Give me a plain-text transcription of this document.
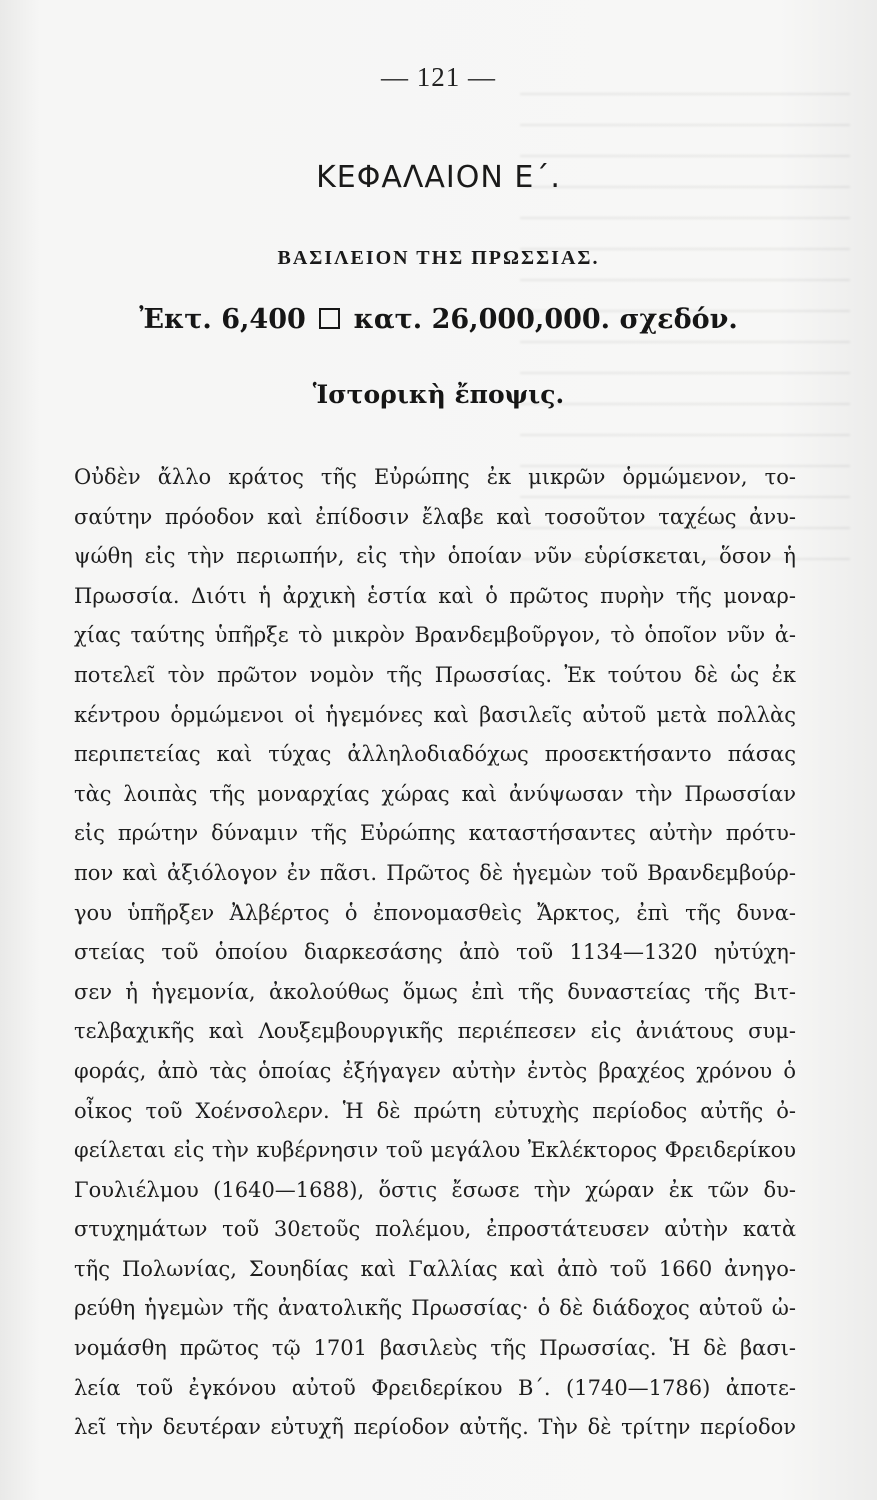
— 121 —
ΚΕΦΑΛΑΙΟΝ Ε΄.
ΒΑΣΙΛΕΙΟΝ ΤΗΣ ΠΡΩΣΣΙΑΣ.
Ἐκτ. 6,400 κατ. 26,000,000. σχεδόν.
Ἱστορικὴ ἔποψις.
Οὐδὲν ἄλλο κράτος τῆς Εὐρώπης ἐκ μικρῶν ὁρμώμενον, το-
σαύτην πρόοδον καὶ ἐπίδοσιν ἔλαβε καὶ τοσοῦτον ταχέως ἀνυ-
ψώθη εἰς τὴν περιωπήν, εἰς τὴν ὁποίαν νῦν εὑρίσκεται, ὅσον ἡ
Πρωσσία. Διότι ἡ ἀρχικὴ ἑστία καὶ ὁ πρῶτος πυρὴν τῆς μοναρ-
χίας ταύτης ὑπῆρξε τὸ μικρὸν Βρανδεμβοῦργον, τὸ ὁποῖον νῦν ἀ-
ποτελεῖ τὸν πρῶτον νομὸν τῆς Πρωσσίας. Ἐκ τούτου δὲ ὡς ἐκ
κέντρου ὁρμώμενοι οἱ ἡγεμόνες καὶ βασιλεῖς αὐτοῦ μετὰ πολλὰς
περιπετείας καὶ τύχας ἀλληλοδιαδόχως προσεκτήσαντο πάσας
τὰς λοιπὰς τῆς μοναρχίας χώρας καὶ ἀνύψωσαν τὴν Πρωσσίαν
εἰς πρώτην δύναμιν τῆς Εὐρώπης καταστήσαντες αὐτὴν πρότυ-
πον καὶ ἀξιόλογον ἐν πᾶσι. Πρῶτος δὲ ἡγεμὼν τοῦ Βρανδεμβούρ-
γου ὑπῆρξεν Ἀλβέρτος ὁ ἐπονομασθεὶς Ἄρκτος, ἐπὶ τῆς δυνα-
στείας τοῦ ὁποίου διαρκεσάσης ἀπὸ τοῦ 1134—1320 ηὐτύχη-
σεν ἡ ἡγεμονία, ἀκολούθως ὅμως ἐπὶ τῆς δυναστείας τῆς Βιτ-
τελβαχικῆς καὶ Λουξεμβουργικῆς περιέπεσεν εἰς ἀνιάτους συμ-
φοράς, ἀπὸ τὰς ὁποίας ἐξήγαγεν αὐτὴν ἐντὸς βραχέος χρόνου ὁ
οἶκος τοῦ Χοένσολερν. Ἡ δὲ πρώτη εὐτυχὴς περίοδος αὐτῆς ὀ-
φείλεται εἰς τὴν κυβέρνησιν τοῦ μεγάλου Ἐκλέκτορος Φρειδερίκου
Γουλιέλμου (1640—1688), ὅστις ἔσωσε τὴν χώραν ἐκ τῶν δυ-
στυχημάτων τοῦ 30ετοῦς πολέμου, ἐπροστάτευσεν αὐτὴν κατὰ
τῆς Πολωνίας, Σουηδίας καὶ Γαλλίας καὶ ἀπὸ τοῦ 1660 ἀνηγο-
ρεύθη ἡγεμὼν τῆς ἀνατολικῆς Πρωσσίας· ὁ δὲ διάδοχος αὐτοῦ ὠ-
νομάσθη πρῶτος τῷ 1701 βασιλεὺς τῆς Πρωσσίας. Ἡ δὲ βασι-
λεία τοῦ ἐγκόνου αὐτοῦ Φρειδερίκου Β΄. (1740—1786) ἀποτε-
λεῖ τὴν δευτέραν εὐτυχῆ περίοδον αὐτῆς. Τὴν δὲ τρίτην περίοδον
